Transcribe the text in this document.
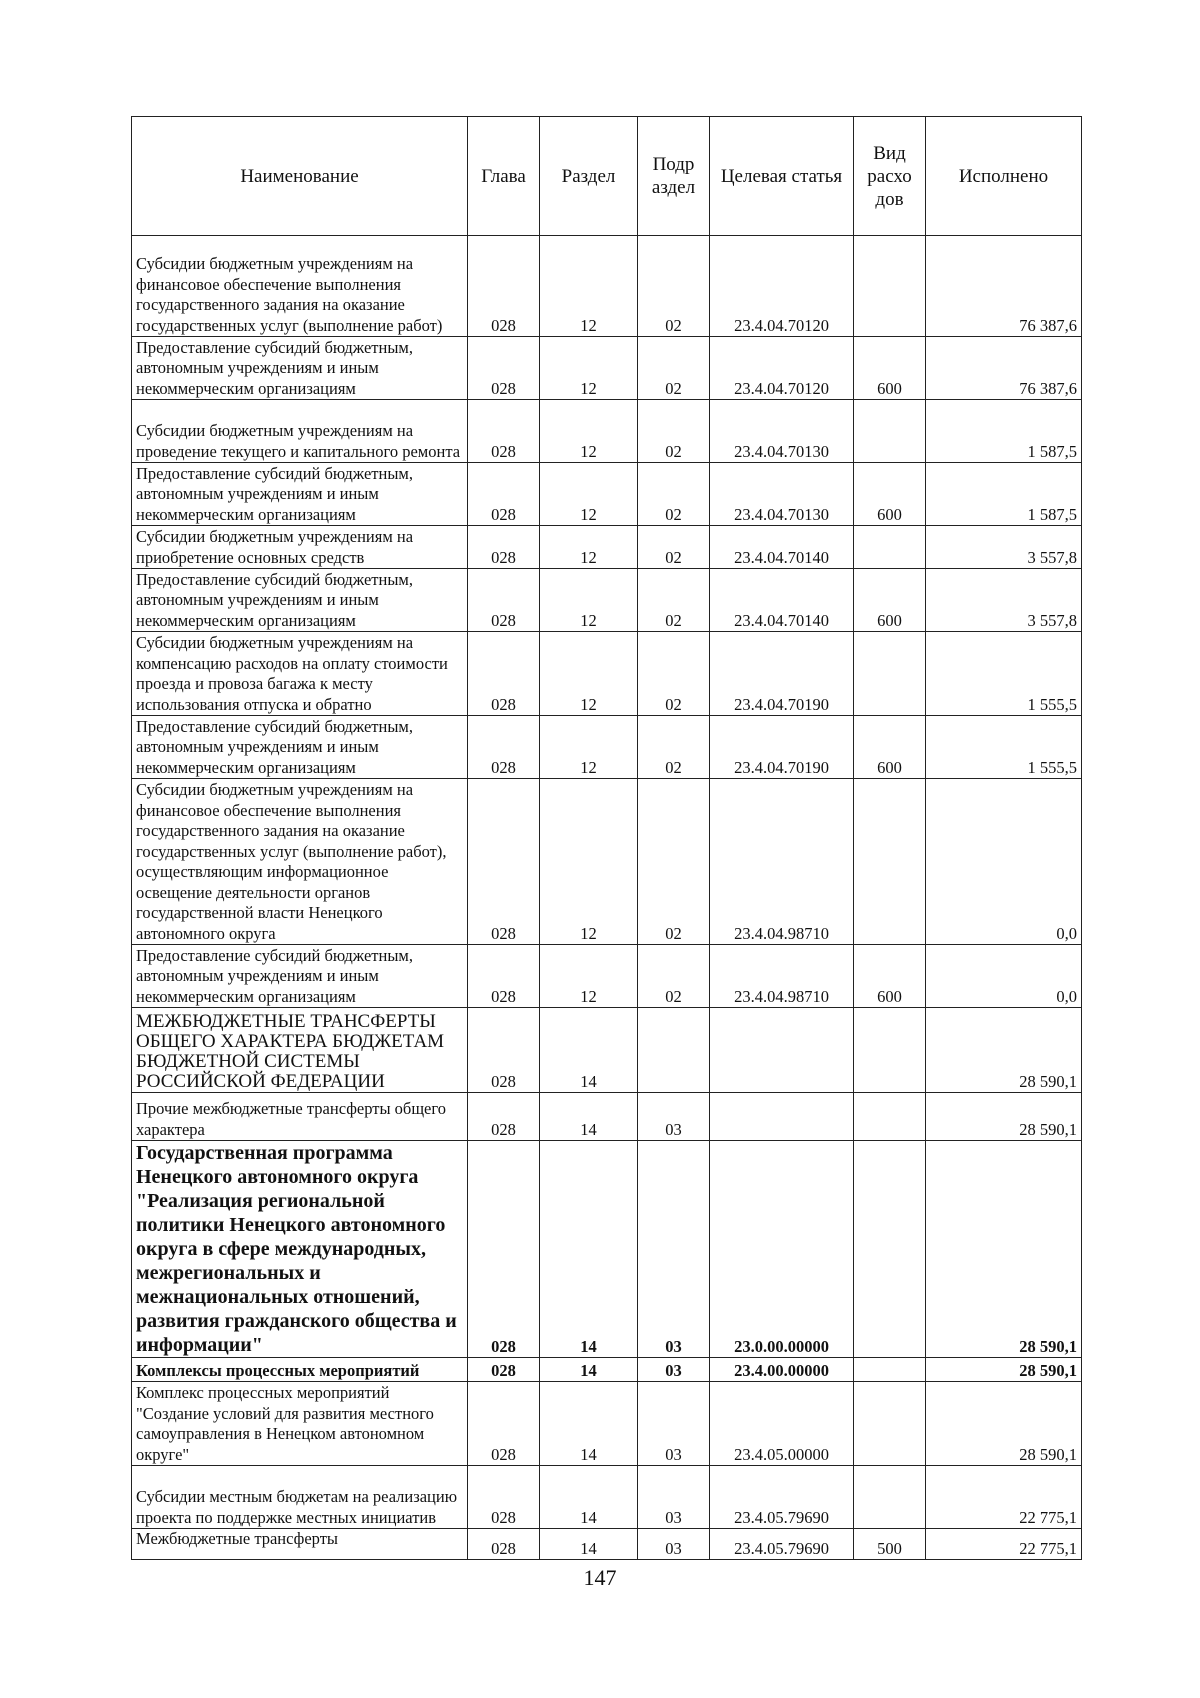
Наименование	Глава	Раздел	Подр аздел	Целевая статья	Вид расхо дов	Исполнено
Субсидии бюджетным учреждениям на финансовое обеспечение выполнения государственного задания на оказание государственных услуг (выполнение работ)	028	12	02	23.4.04.70120		76 387,6
Предоставление субсидий бюджетным, автономным учреждениям и иным некоммерческим организациям	028	12	02	23.4.04.70120	600	76 387,6
Субсидии бюджетным учреждениям на проведение текущего и капитального ремонта	028	12	02	23.4.04.70130		1 587,5
Предоставление субсидий бюджетным, автономным учреждениям и иным некоммерческим организациям	028	12	02	23.4.04.70130	600	1 587,5
Субсидии бюджетным учреждениям на приобретение основных средств	028	12	02	23.4.04.70140		3 557,8
Предоставление субсидий бюджетным, автономным учреждениям и иным некоммерческим организациям	028	12	02	23.4.04.70140	600	3 557,8
Субсидии бюджетным учреждениям на компенсацию расходов на оплату стоимости проезда и провоза багажа к месту использования отпуска и обратно	028	12	02	23.4.04.70190		1 555,5
Предоставление субсидий бюджетным, автономным учреждениям и иным некоммерческим организациям	028	12	02	23.4.04.70190	600	1 555,5
Субсидии бюджетным учреждениям на финансовое обеспечение выполнения государственного задания на оказание государственных услуг (выполнение работ), осуществляющим информационное освещение деятельности органов государственной власти Ненецкого автономного округа	028	12	02	23.4.04.98710		0,0
Предоставление субсидий бюджетным, автономным учреждениям и иным некоммерческим организациям	028	12	02	23.4.04.98710	600	0,0
МЕЖБЮДЖЕТНЫЕ ТРАНСФЕРТЫ ОБЩЕГО ХАРАКТЕРА БЮДЖЕТАМ БЮДЖЕТНОЙ СИСТЕМЫ РОССИЙСКОЙ ФЕДЕРАЦИИ	028	14				28 590,1
Прочие межбюджетные трансферты общего характера	028	14	03			28 590,1
Государственная программа Ненецкого автономного округа "Реализация региональной политики Ненецкого автономного округа в сфере международных, межрегиональных и межнациональных отношений, развития гражданского общества и информации"	028	14	03	23.0.00.00000		28 590,1
Комплексы процессных мероприятий	028	14	03	23.4.00.00000		28 590,1
Комплекс процессных мероприятий "Создание условий для развития местного самоуправления в Ненецком автономном округе"	028	14	03	23.4.05.00000		28 590,1
Субсидии местным бюджетам на реализацию проекта по поддержке местных инициатив	028	14	03	23.4.05.79690		22 775,1
Межбюджетные трансферты	028	14	03	23.4.05.79690	500	22 775,1
147
